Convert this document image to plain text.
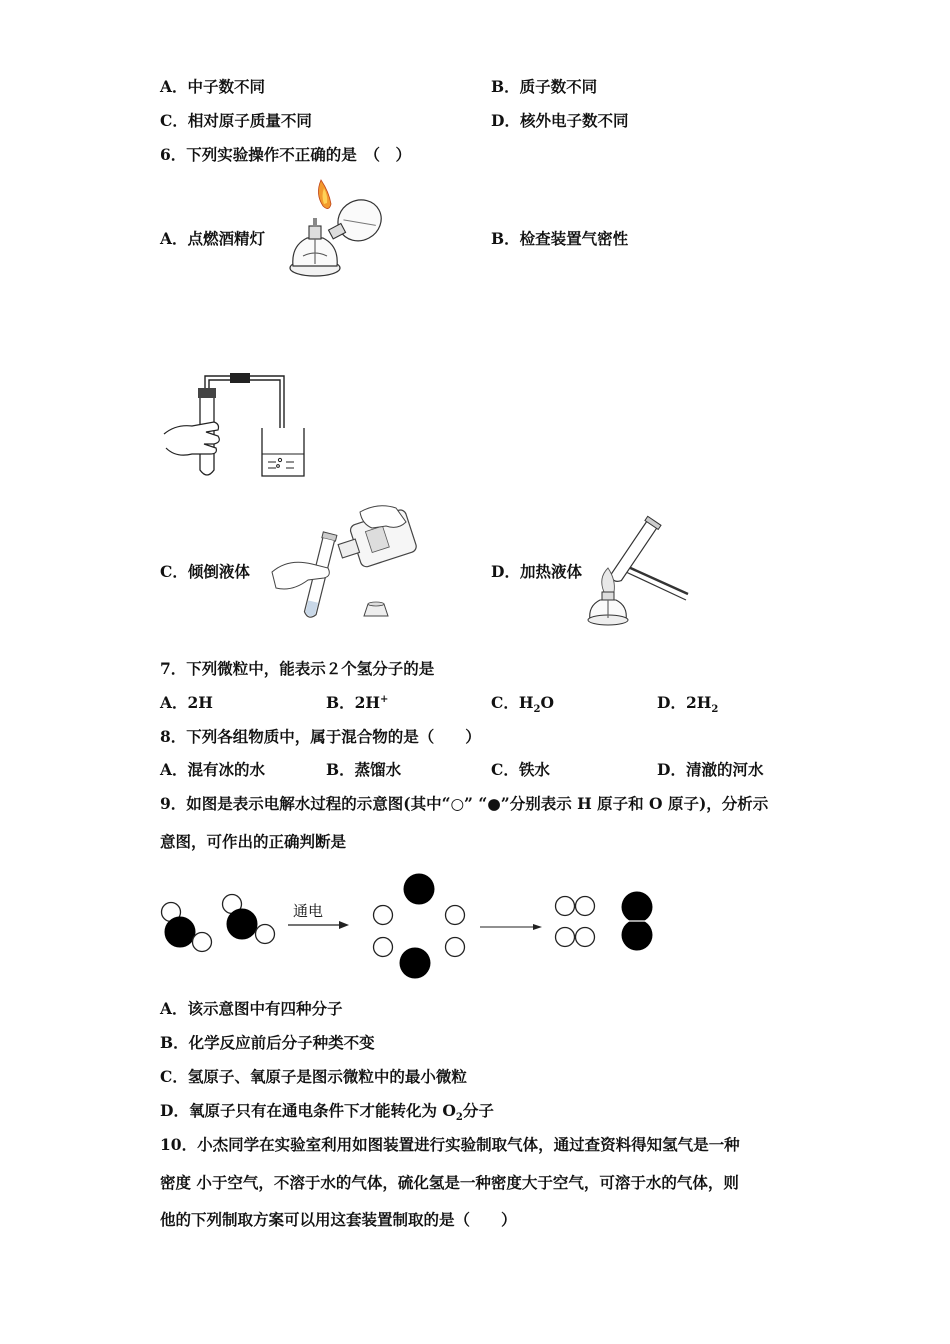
A．中子数不同	B．质子数不同
C．相对原子质量不同	D．核外电子数不同
6．下列实验操作不正确的是　（　）
A．点燃酒精灯	B．检查装置气密性
C．倾倒液体	D．加热液体
7．下列微粒中，能表示２个氢分子的是
A．2H	B．2H+	C．$H_2O$	D．$2H_2$
8．下列各组物质中，属于混合物的是（　　）
A．混有冰的水	B．蒸馏水	C．铁水	D．清澈的河水
9．如图是表示电解水过程的示意图(其中“○” “●”分别表示 H 原子和 O 原子)，分析示
意图，可作出的正确判断是
通电
A．该示意图中有四种分子
B．化学反应前后分子种类不变
C．氢原子、氧原子是图示微粒中的最小微粒
D．氧原子只有在通电条件下才能转化为 $O_2$分子
10．小杰同学在实验室利用如图装置进行实验制取气体，通过查资料得知氢气是一种
密度 小于空气，不溶于水的气体，硫化氢是一种密度大于空气，可溶于水的气体，则
他的下列制取方案可以用这套装置制取的是（　　）
